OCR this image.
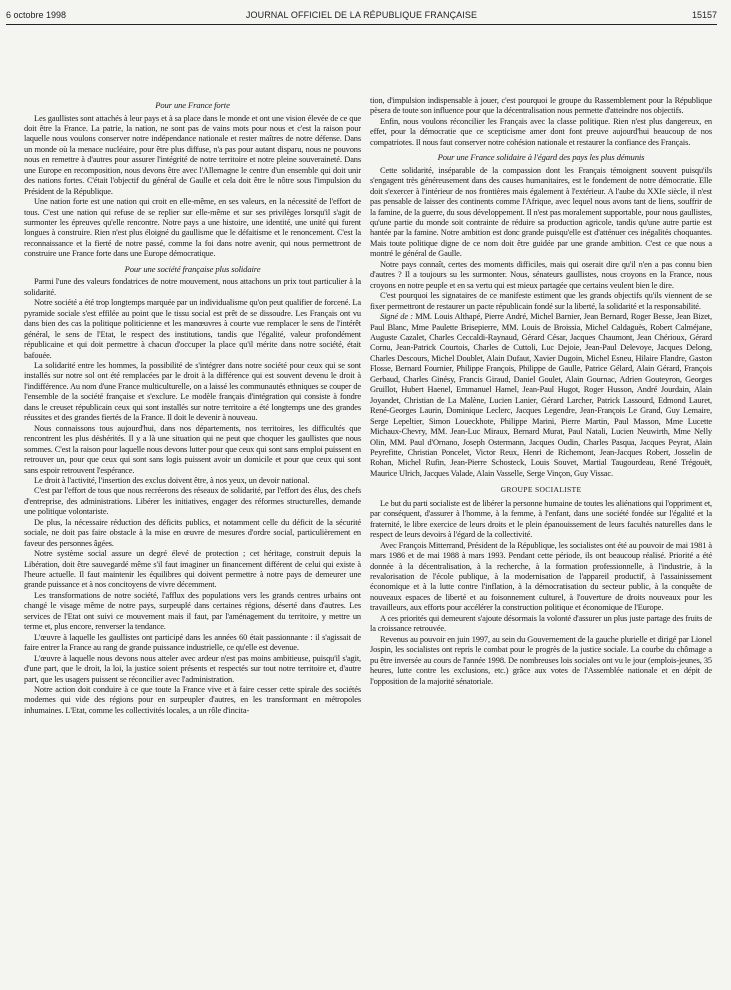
6 octobre 1998	JOURNAL OFFICIEL DE LA RÉPUBLIQUE FRANÇAISE	15157
Pour une France forte

Les gaullistes sont attachés à leur pays et à sa place dans le monde et ont une vision élevée de ce que doit être la France. La patrie, la nation, ne sont pas de vains mots pour nous et c'est la raison pour laquelle nous voulons conserver notre indépendance nationale et rester maîtres de notre défense. Dans un monde où la menace nucléaire, pour être plus diffuse, n'a pas pour autant disparu, nous ne pouvons nous en remettre à d'autres pour assurer l'intégrité de notre territoire et notre pleine souveraineté. Dans une Europe en recomposition, nous devons être avec l'Allemagne le centre d'un ensemble qui doit unir des nations fortes. C'était l'objectif du général de Gaulle et cela doit être le nôtre sous l'impulsion du Président de la République.

Une nation forte est une nation qui croit en elle-même, en ses valeurs, en la nécessité de l'effort de tous. C'est une nation qui refuse de se replier sur elle-même et sur ses privilèges lorsqu'il s'agit de surmonter les épreuves qu'elle rencontre. Notre pays a une histoire, une identité, une unité qui furent longues à construire. Rien n'est plus éloigné du gaullisme que le défaitisme et le renoncement. C'est la reconnaissance et la fierté de notre passé, comme la foi dans notre avenir, qui nous permettront de construire une France forte dans une Europe démocratique.

Pour une société française plus solidaire

Parmi l'une des valeurs fondatrices de notre mouvement, nous attachons un prix tout particulier à la solidarité.

Notre société a été trop longtemps marquée par un individualisme qu'on peut qualifier de forcené. La pyramide sociale s'est effilée au point que le tissu social est prêt de se dissoudre. Les Français ont vu dans bien des cas la politique politicienne et les manœuvres à courte vue remplacer le sens de l'intérêt général, le sens de l'Etat, le respect des institutions, tandis que l'égalité, valeur profondément républicaine et qui doit permettre à chacun d'occuper la place qu'il mérite dans notre société, était bafouée.

La solidarité entre les hommes, la possibilité de s'intégrer dans notre société pour ceux qui se sont installés sur notre sol ont été remplacées par le droit à la différence qui est souvent devenu le droit à l'indifférence. Au nom d'une France multiculturelle, on a laissé les communautés ethniques se couper de l'ensemble de la société française et s'exclure. Le modèle français d'intégration qui consiste à fondre dans le creuset républicain ceux qui sont installés sur notre territoire a été longtemps une des grandes réussites et des grandes fiertés de la France. Il doit le devenir à nouveau.

Nous connaissons tous aujourd'hui, dans nos départements, nos territoires, les difficultés que rencontrent les plus déshérités. Il y a là une situation qui ne peut que choquer les gaullistes que nous sommes. C'est la raison pour laquelle nous devons lutter pour que ceux qui sont sans emploi puissent en retrouver un, pour que ceux qui sont sans logis puissent avoir un domicile et pour que ceux qui sont sans espoir retrouvent l'espérance.

Le droit à l'activité, l'insertion des exclus doivent être, à nos yeux, un devoir national.

C'est par l'effort de tous que nous recréerons des réseaux de solidarité, par l'effort des élus, des chefs d'entreprise, des administrations. Libérer les initiatives, engager des réformes structurelles, demande une politique volontariste.

De plus, la nécessaire réduction des déficits publics, et notamment celle du déficit de la sécurité sociale, ne doit pas faire obstacle à la mise en œuvre de mesures d'ordre social, particulièrement en faveur des personnes âgées.

Notre système social assure un degré élevé de protection ; cet héritage, construit depuis la Libération, doit être sauvegardé même s'il faut imaginer un financement différent de celui qui existe à l'heure actuelle. Il faut maintenir les équilibres qui doivent permettre à notre pays de demeurer une grande puissance et à nos concitoyens de vivre décemment.

Les transformations de notre société, l'afflux des populations vers les grands centres urbains ont changé le visage même de notre pays, surpeuplé dans certaines régions, déserté dans d'autres. Les services de l'Etat ont suivi ce mouvement mais il faut, par l'aménagement du territoire, y mettre un terme et, plus encore, renverser la tendance.

L'œuvre à laquelle les gaullistes ont participé dans les années 60 était passionnante : il s'agissait de faire entrer la France au rang de grande puissance industrielle, ce qu'elle est devenue.

L'œuvre à laquelle nous devons nous atteler avec ardeur n'est pas moins ambitieuse, puisqu'il s'agit, d'une part, que le droit, la loi, la justice soient présents et respectés sur tout notre territoire et, d'autre part, que les usagers puissent se réconcilier avec l'administration.

Notre action doit conduire à ce que toute la France vive et à faire cesser cette spirale des sociétés modernes qui vide des régions pour en surpeupler d'autres, en les transformant en métropoles inhumaines. L'Etat, comme les collectivités locales, a un rôle d'incita-

tion, d'impulsion indispensable à jouer, c'est pourquoi le groupe du Rassemblement pour la République pèsera de toute son influence pour que la décentralisation nous permette d'atteindre nos objectifs.

Enfin, nous voulons réconcilier les Français avec la classe politique. Rien n'est plus dangereux, en effet, pour la démocratie que ce scepticisme amer dont font preuve aujourd'hui beaucoup de nos compatriotes. Il nous faut conserver notre cohésion nationale et restaurer la confiance des Français.

Pour une France solidaire à l'égard des pays les plus démunis

Cette solidarité, inséparable de la compassion dont les Français témoignent souvent puisqu'ils s'engagent très généreusement dans des causes humanitaires, est le fondement de notre démocratie. Elle doit s'exercer à l'intérieur de nos frontières mais également à l'extérieur. A l'aube du XXIe siècle, il n'est pas pensable de laisser des continents comme l'Afrique, avec lequel nous avons tant de liens, souffrir de la famine, de la guerre, du sous développement. Il n'est pas moralement supportable, pour nous gaullistes, qu'une partie du monde soit contrainte de réduire sa production agricole, tandis qu'une autre partie est hantée par la famine. Notre ambition est donc grande puisqu'elle est d'atténuer ces inégalités choquantes. Mais toute politique digne de ce nom doit être guidée par une grande ambition. C'est ce que nous a montré le général de Gaulle.

Notre pays connaît, certes des moments difficiles, mais qui oserait dire qu'il n'en a pas connu bien d'autres ? Il a toujours su les surmonter. Nous, sénateurs gaullistes, nous croyons en la France, nous croyons en notre peuple et en sa vertu qui est mieux partagée que certains veulent bien le dire.

C'est pourquoi les signataires de ce manifeste estiment que les grands objectifs qu'ils viennent de se fixer permettront de restaurer un pacte républicain fondé sur la liberté, la solidarité et la responsabilité.

Signé de : MM. Louis Althapé, Pierre André, Michel Barnier, Jean Bernard, Roger Besse, Jean Bizet, Paul Blanc, Mme Paulette Brisepierre, MM. Louis de Broissia, Michel Caldaguès, Robert Calméjane, Auguste Cazalet, Charles Ceccaldi-Raynaud, Gérard César, Jacques Chaumont, Jean Chérioux, Gérard Cornu, Jean-Patrick Courtois, Charles de Cuttoli, Luc Dejoie, Jean-Paul Delevoye, Jacques Delong, Charles Descours, Michel Doublet, Alain Dufaut, Xavier Dugoin, Michel Esneu, Hilaire Flandre, Gaston Flosse, Bernard Fournier, Philippe François, Philippe de Gaulle, Patrice Gélard, Alain Gérard, François Gerbaud, Charles Ginésy, Francis Giraud, Daniel Goulet, Alain Gournac, Adrien Gouteyron, Georges Gruillot, Hubert Haenel, Emmanuel Hamel, Jean-Paul Hugot, Roger Husson, André Jourdain, Alain Joyandet, Christian de La Malène, Lucien Lanier, Gérard Larcher, Patrick Lassourd, Edmond Lauret, René-Georges Laurin, Dominique Leclerc, Jacques Legendre, Jean-François Le Grand, Guy Lemaire, Serge Lepeltier, Simon Loueckhote, Philippe Marini, Pierre Martin, Paul Masson, Mme Lucette Michaux-Chevry, MM. Jean-Luc Miraux, Bernard Murat, Paul Natali, Lucien Neuwirth, Mme Nelly Olin, MM. Paul d'Ornano, Joseph Ostermann, Jacques Oudin, Charles Pasqua, Jacques Peyrat, Alain Peyrefitte, Christian Poncelet, Victor Reux, Henri de Richemont, Jean-Jacques Robert, Josselin de Rohan, Michel Rufin, Jean-Pierre Schosteck, Louis Souvet, Martial Taugourdeau, René Trégouët, Maurice Ulrich, Jacques Valade, Alain Vasselle, Serge Vinçon, Guy Vissac.

GROUPE SOCIALISTE

Le but du parti socialiste est de libérer la personne humaine de toutes les aliénations qui l'oppriment et, par conséquent, d'assurer à l'homme, à la femme, à l'enfant, dans une société fondée sur l'égalité et la fraternité, le libre exercice de leurs droits et le plein épanouissement de leurs facultés naturelles dans le respect de leurs devoirs à l'égard de la collectivité.

Avec François Mitterrand, Président de la République, les socialistes ont été au pouvoir de mai 1981 à mars 1986 et de mai 1988 à mars 1993. Pendant cette période, ils ont beaucoup réalisé. Priorité a été donnée à la décentralisation, à la recherche, à la formation professionnelle, à l'industrie, à la revalorisation de l'école publique, à la modernisation de l'appareil productif, à l'assainissement économique et à la lutte contre l'inflation, à la démocratisation du secteur public, à la conquête de nouveaux espaces de liberté et au foisonnement culturel, à l'ouverture de droits nouveaux pour les travailleurs, aux efforts pour accélérer la construction politique et économique de l'Europe.

A ces priorités qui demeurent s'ajoute désormais la volonté d'assurer un plus juste partage des fruits de la croissance retrouvée.

Revenus au pouvoir en juin 1997, au sein du Gouvernement de la gauche plurielle et dirigé par Lionel Jospin, les socialistes ont repris le combat pour le progrès de la justice sociale. La courbe du chômage a pu être inversée au cours de l'année 1998. De nombreuses lois sociales ont vu le jour (emplois-jeunes, 35 heures, lutte contre les exclusions, etc.) grâce aux votes de l'Assemblée nationale et en dépit de l'opposition de la majorité sénatoriale.
